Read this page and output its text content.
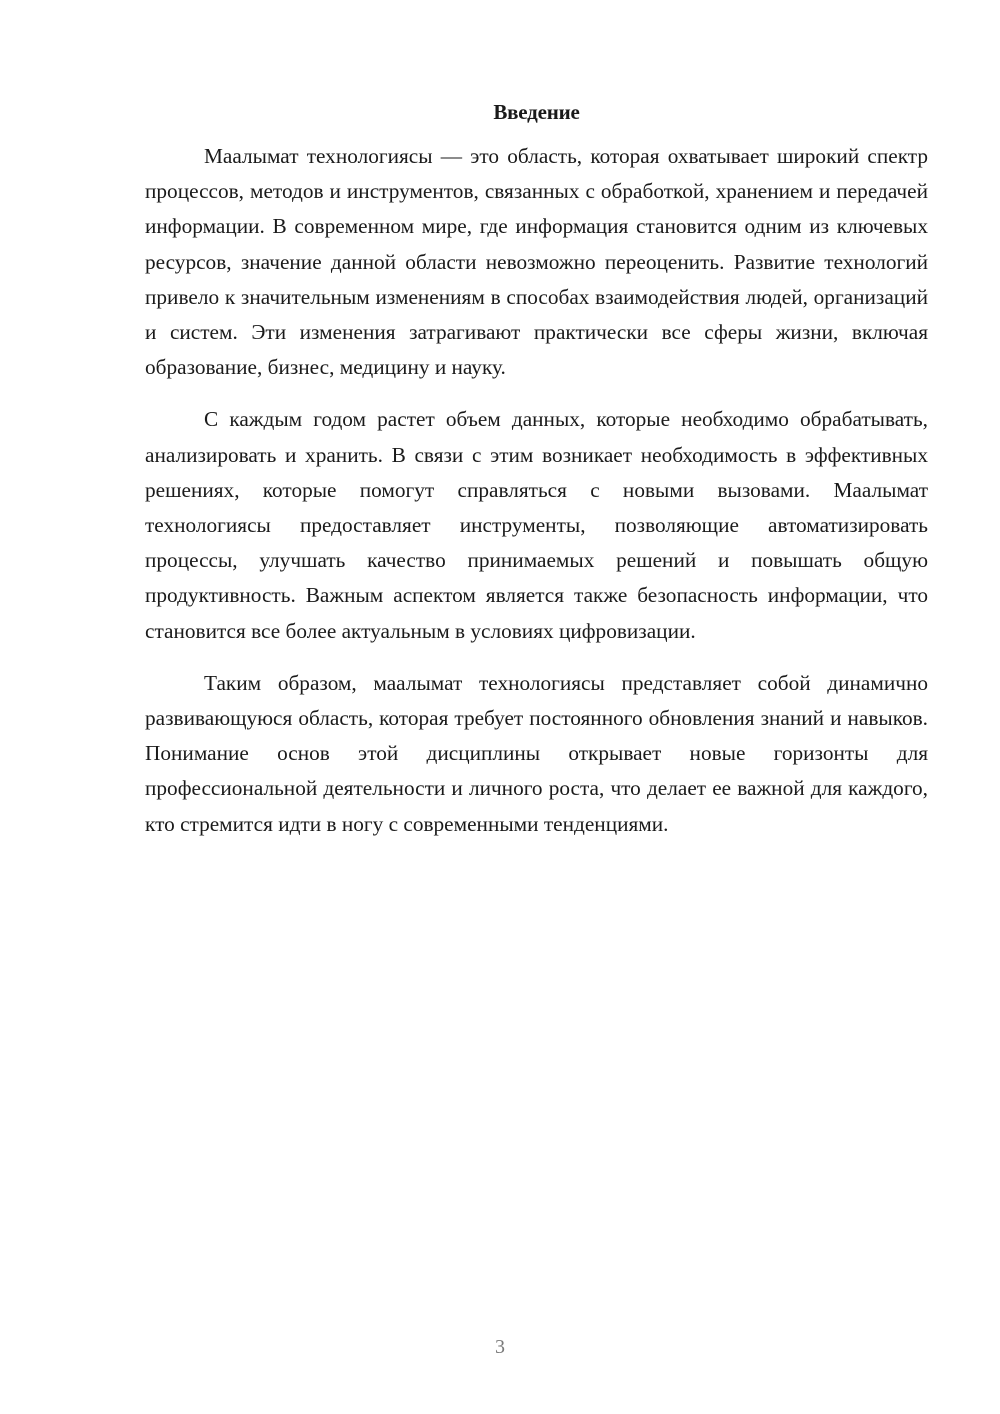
Введение

Маалымат технологиясы — это область, которая охватывает широкий спектр процессов, методов и инструментов, связанных с обработкой, хранением и передачей информации. В современном мире, где информация становится одним из ключевых ресурсов, значение данной области невозможно переоценить. Развитие технологий привело к значительным изменениям в способах взаимодействия людей, организаций и систем. Эти изменения затрагивают практически все сферы жизни, включая образование, бизнес, медицину и науку.

С каждым годом растет объем данных, которые необходимо обрабатывать, анализировать и хранить. В связи с этим возникает необходимость в эффективных решениях, которые помогут справляться с новыми вызовами. Маалымат технологиясы предоставляет инструменты, позволяющие автоматизировать процессы, улучшать качество принимаемых решений и повышать общую продуктивность. Важным аспектом является также безопасность информации, что становится все более актуальным в условиях цифровизации.

Таким образом, маалымат технологиясы представляет собой динамично развивающуюся область, которая требует постоянного обновления знаний и навыков. Понимание основ этой дисциплины открывает новые горизонты для профессиональной деятельности и личного роста, что делает ее важной для каждого, кто стремится идти в ногу с современными тенденциями.

3
